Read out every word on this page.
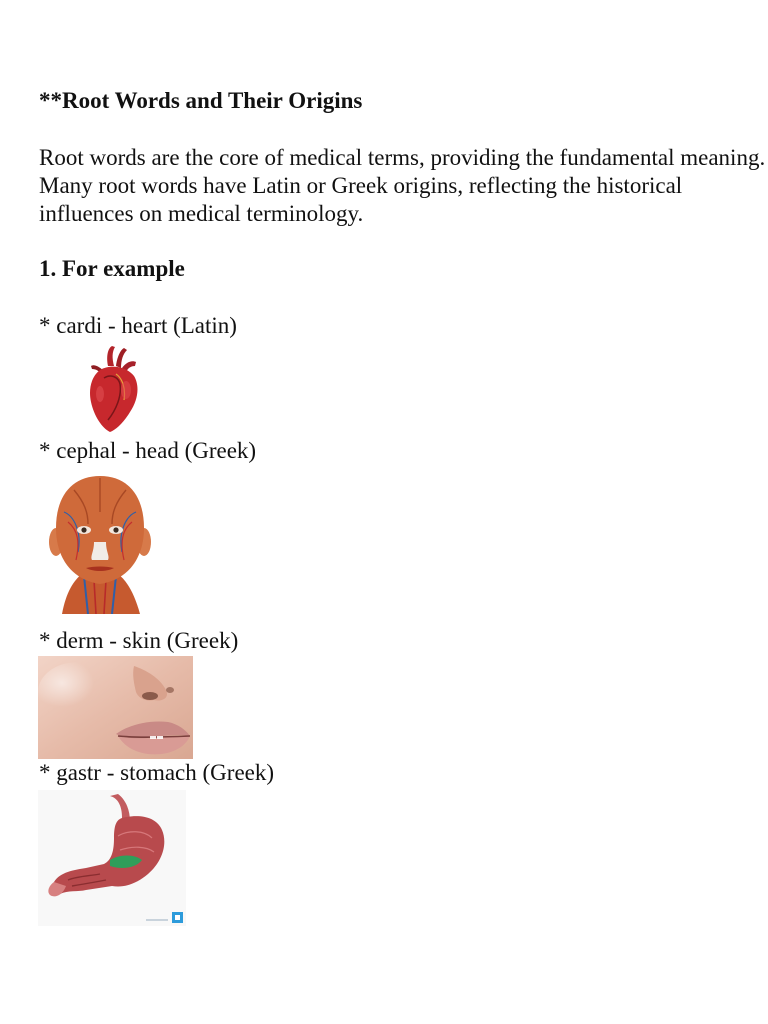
**Root Words and Their Origins

Root words are the core of medical terms, providing the fundamental meaning. Many root words have Latin or Greek origins, reflecting the historical influences on medical terminology.

1. For example
* cardi - heart (Latin)
* cephal - head (Greek)
* derm - skin (Greek)
* gastr - stomach (Greek)
